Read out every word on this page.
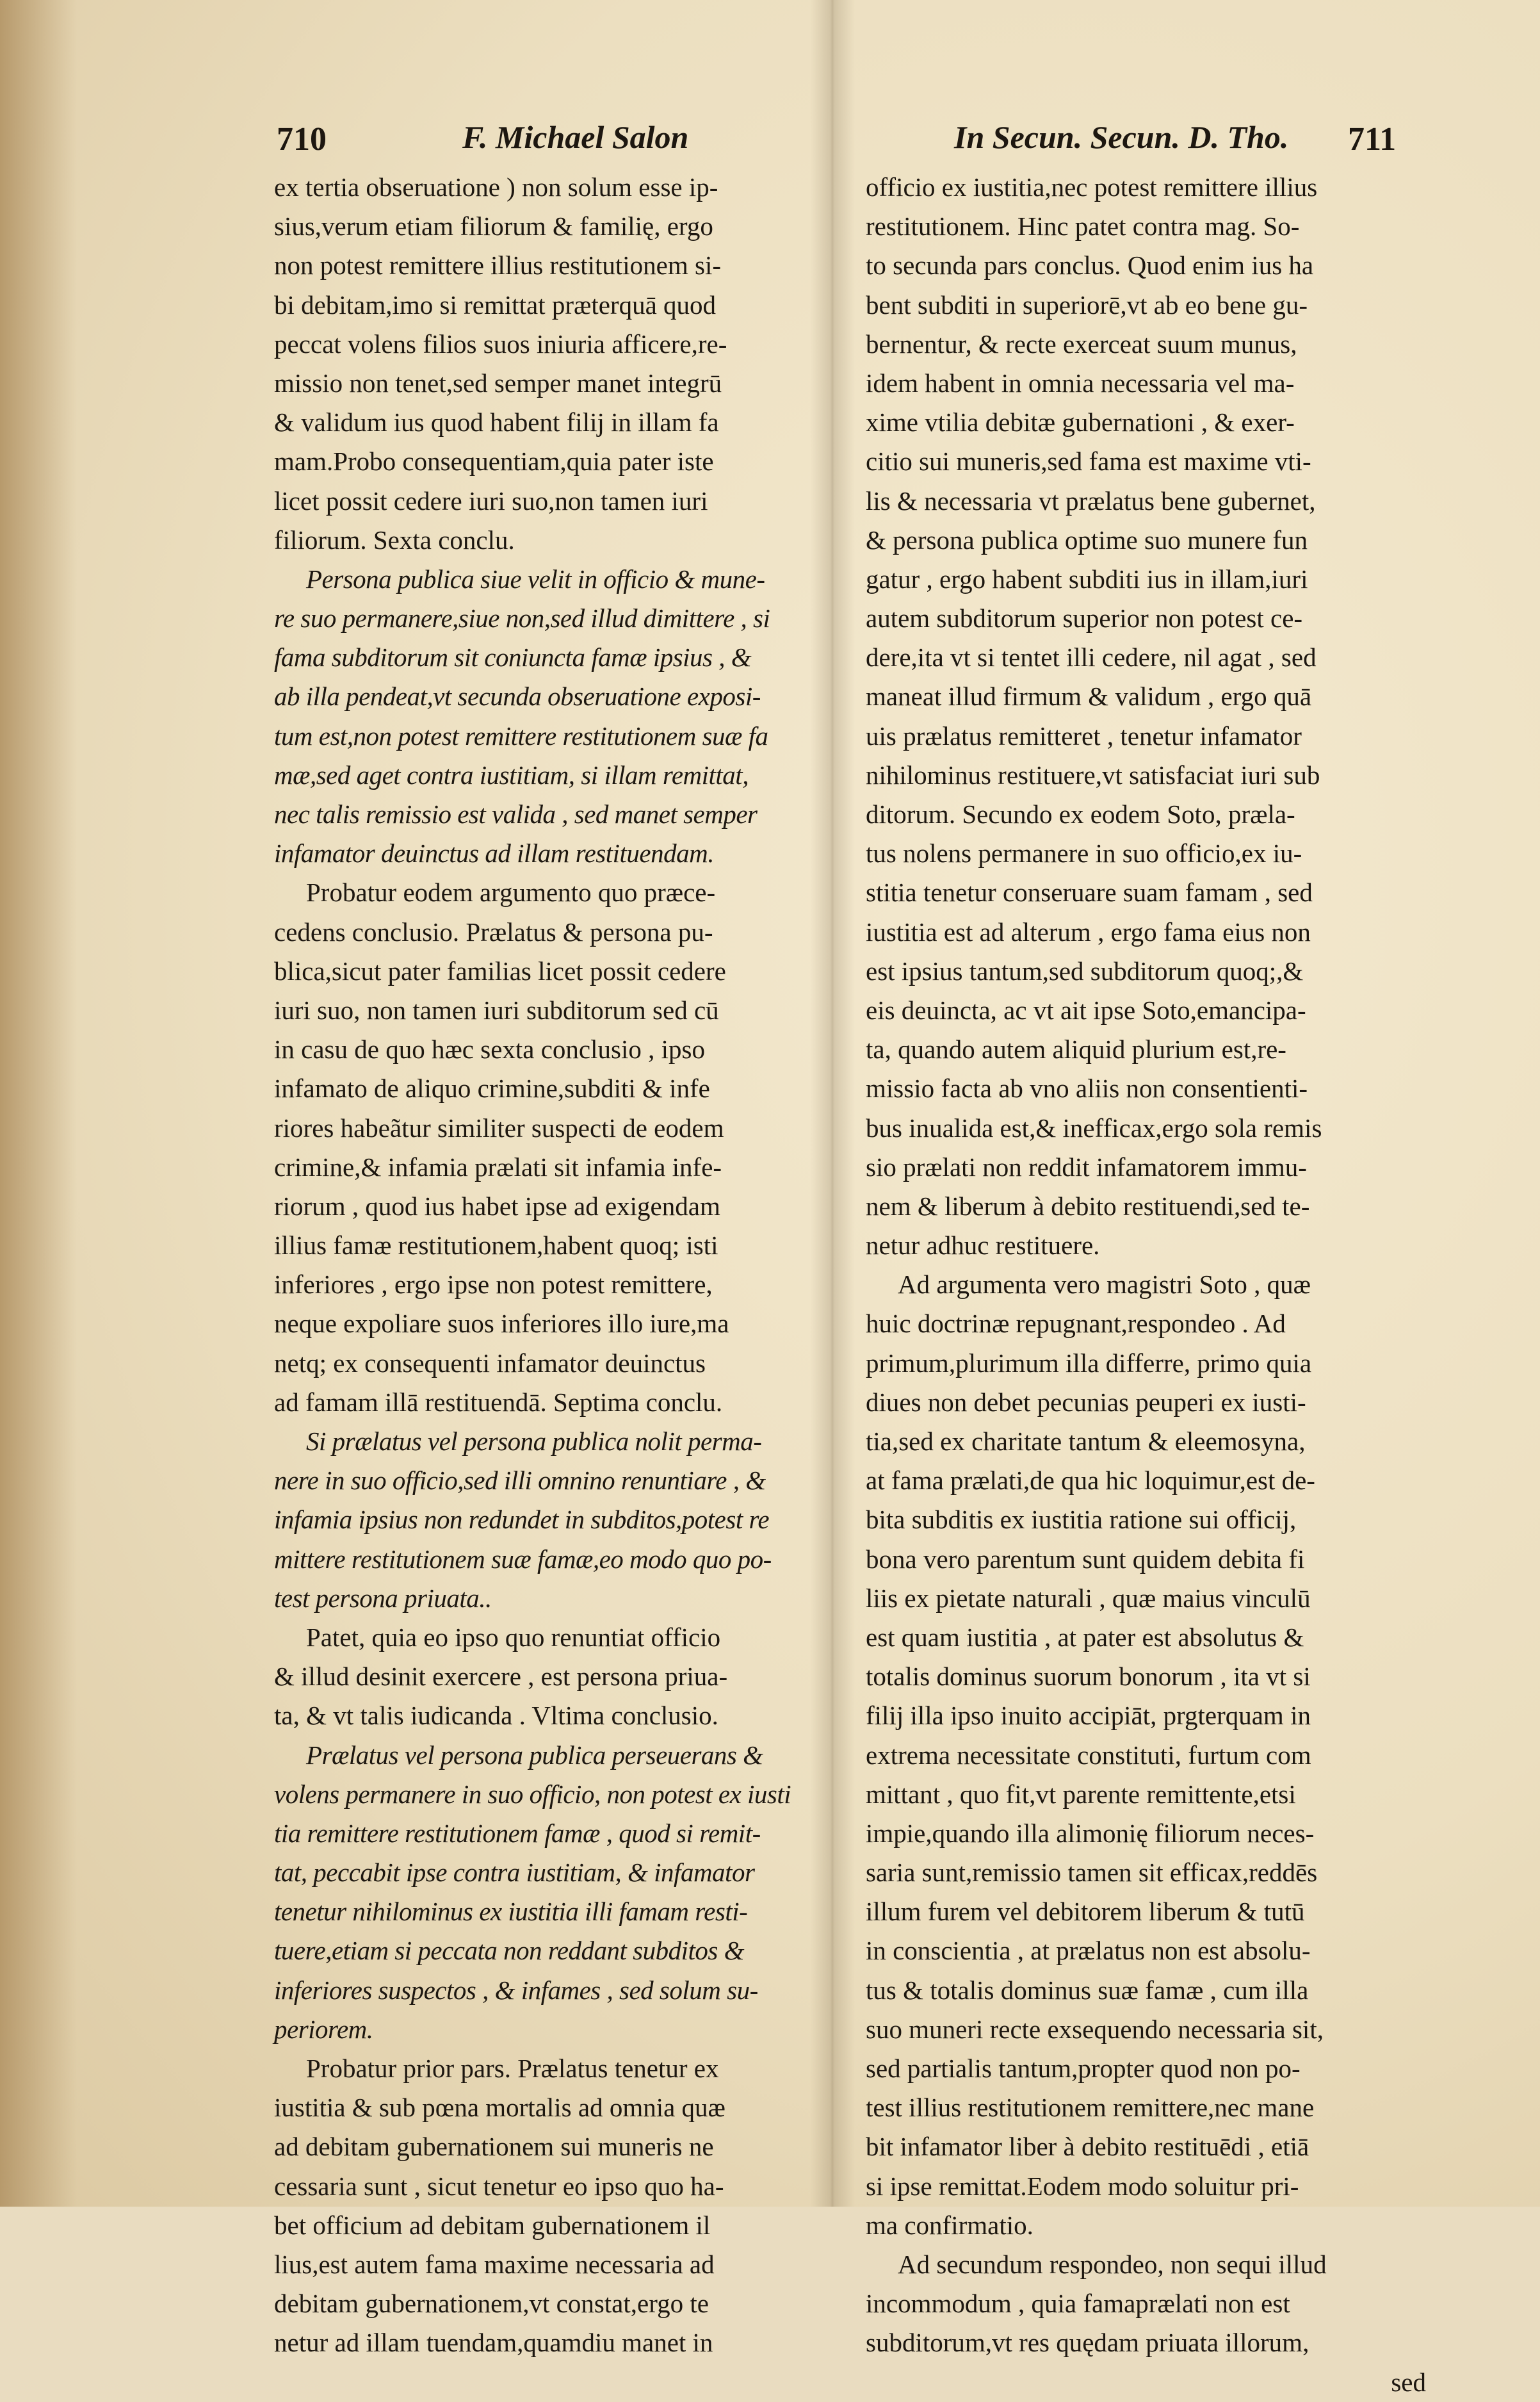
710	F. Michael Salon	In Secun. Secun. D. Tho. 711
ex tertia obseruatione ) non solum esse ip-
sius,verum etiam filiorum & familię, ergo
non potest remittere illius restitutionem si-
bi debitam,imo si remittat præterquā quod
peccat volens filios suos iniuria afficere,re-
missio non tenet,sed semper manet integrū
& validum ius quod habent filij in illam fa
mam.Probo consequentiam,quia pater iste
licet possit cedere iuri suo,non tamen iuri
filiorum. Sexta conclu.
Persona publica siue velit in officio & mune-
re suo permanere,siue non,sed illud dimittere , si
fama subditorum sit coniuncta famæ ipsius , &
ab illa pendeat,vt secunda obseruatione exposi-
tum est,non potest remittere restitutionem suæ fa
mæ,sed aget contra iustitiam, si illam remittat,
nec talis remissio est valida , sed manet semper
infamator deuinctus ad illam restituendam.
Probatur eodem argumento quo præce-
cedens conclusio. Prælatus & persona pu-
blica,sicut pater familias licet possit cedere
iuri suo, non tamen iuri subditorum sed cū
in casu de quo hæc sexta conclusio , ipso
infamato de aliquo crimine,subditi & infe
riores habeãtur similiter suspecti de eodem
crimine,& infamia prælati sit infamia infe-
riorum , quod ius habet ipse ad exigendam
illius famæ restitutionem,habent quoq; isti
inferiores , ergo ipse non potest remittere,
neque expoliare suos inferiores illo iure,ma
netq; ex consequenti infamator deuinctus
ad famam illā restituendā. Septima conclu.
Si prælatus vel persona publica nolit perma-
nere in suo officio,sed illi omnino renuntiare , &
infamia ipsius non redundet in subditos,potest re
mittere restitutionem suæ famæ,eo modo quo po-
test persona priuata..
Patet, quia eo ipso quo renuntiat officio
& illud desinit exercere , est persona priua-
ta, & vt talis iudicanda . Vltima conclusio.
Prælatus vel persona publica perseuerans &
volens permanere in suo officio, non potest ex iusti
tia remittere restitutionem famæ , quod si remit-
tat, peccabit ipse contra iustitiam, & infamator
tenetur nihilominus ex iustitia illi famam resti-
tuere,etiam si peccata non reddant subditos &
inferiores suspectos , & infames , sed solum su-
periorem.
Probatur prior pars. Prælatus tenetur ex
iustitia & sub pœna mortalis ad omnia quæ
ad debitam gubernationem sui muneris ne
cessaria sunt , sicut tenetur eo ipso quo ha-
bet officium ad debitam gubernationem il
lius,est autem fama maxime necessaria ad
debitam gubernationem,vt constat,ergo te
netur ad illam tuendam,quamdiu manet in
officio ex iustitia,nec potest remittere illius
restitutionem. Hinc patet contra mag. So-
to secunda pars conclus. Quod enim ius ha
bent subditi in superiorē,vt ab eo bene gu-
bernentur, & recte exerceat suum munus,
idem habent in omnia necessaria vel ma-
xime vtilia debitæ gubernationi , & exer-
citio sui muneris,sed fama est maxime vti-
lis & necessaria vt prælatus bene gubernet,
& persona publica optime suo munere fun
gatur , ergo habent subditi ius in illam,iuri
autem subditorum superior non potest ce-
dere,ita vt si tentet illi cedere, nil agat , sed
maneat illud firmum & validum , ergo quā
uis prælatus remitteret , tenetur infamator
nihilominus restituere,vt satisfaciat iuri sub
ditorum. Secundo ex eodem Soto, præla-
tus nolens permanere in suo officio,ex iu-
stitia tenetur conseruare suam famam , sed
iustitia est ad alterum , ergo fama eius non
est ipsius tantum,sed subditorum quoq;,&
eis deuincta, ac vt ait ipse Soto,emancipa-
ta, quando autem aliquid plurium est,re-
missio facta ab vno aliis non consentienti-
bus inualida est,& inefficax,ergo sola remis
sio prælati non reddit infamatorem immu-
nem & liberum à debito restituendi,sed te-
netur adhuc restituere.
Ad argumenta vero magistri Soto , quæ
huic doctrinæ repugnant,respondeo . Ad
primum,plurimum illa differre, primo quia
diues non debet pecunias peuperi ex iusti-
tia,sed ex charitate tantum & eleemosyna,
at fama prælati,de qua hic loquimur,est de-
bita subditis ex iustitia ratione sui officij,
bona vero parentum sunt quidem debita fi
liis ex pietate naturali , quæ maius vinculū
est quam iustitia , at pater est absolutus &
totalis dominus suorum bonorum , ita vt si
filij illa ipso inuito accipiāt, prgterquam in
extrema necessitate constituti, furtum com
mittant , quo fit,vt parente remittente,etsi
impie,quando illa alimonię filiorum neces-
saria sunt,remissio tamen sit efficax,reddēs
illum furem vel debitorem liberum & tutū
in conscientia , at prælatus non est absolu-
tus & totalis dominus suæ famæ , cum illa
suo muneri recte exsequendo necessaria sit,
sed partialis tantum,propter quod non po-
test illius restitutionem remittere,nec mane
bit infamator liber à debito restituēdi , etiā
si ipse remittat.Eodem modo soluitur pri-
ma confirmatio.
Ad secundum respondeo, non sequi illud
incommodum , quia famaprælati non est
subditorum,vt res quędam priuata illorum,
sed
